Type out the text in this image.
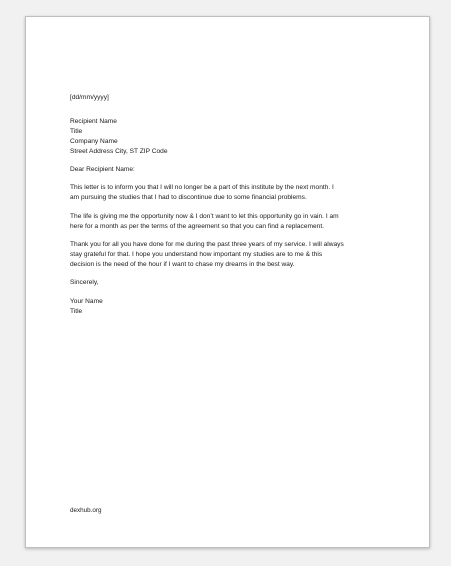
[dd/mm/yyyy]
Recipient Name
Title
Company Name
Street Address City, ST ZIP Code
Dear Recipient Name:
This letter is to inform you that I will no longer be a part of this institute by the next month. I
am pursuing the studies that I had to discontinue due to some financial problems.
The life is giving me the opportunity now & I don’t want to let this opportunity go in vain. I am
here for a month as per the terms of the agreement so that you can find a replacement.
Thank you for all you have done for me during the past three years of my service. I will always
stay grateful for that. I hope you understand how important my studies are to me & this
decision is the need of the hour if I want to chase my dreams in the best way.
Sincerely,
Your Name
Title
dexhub.org
